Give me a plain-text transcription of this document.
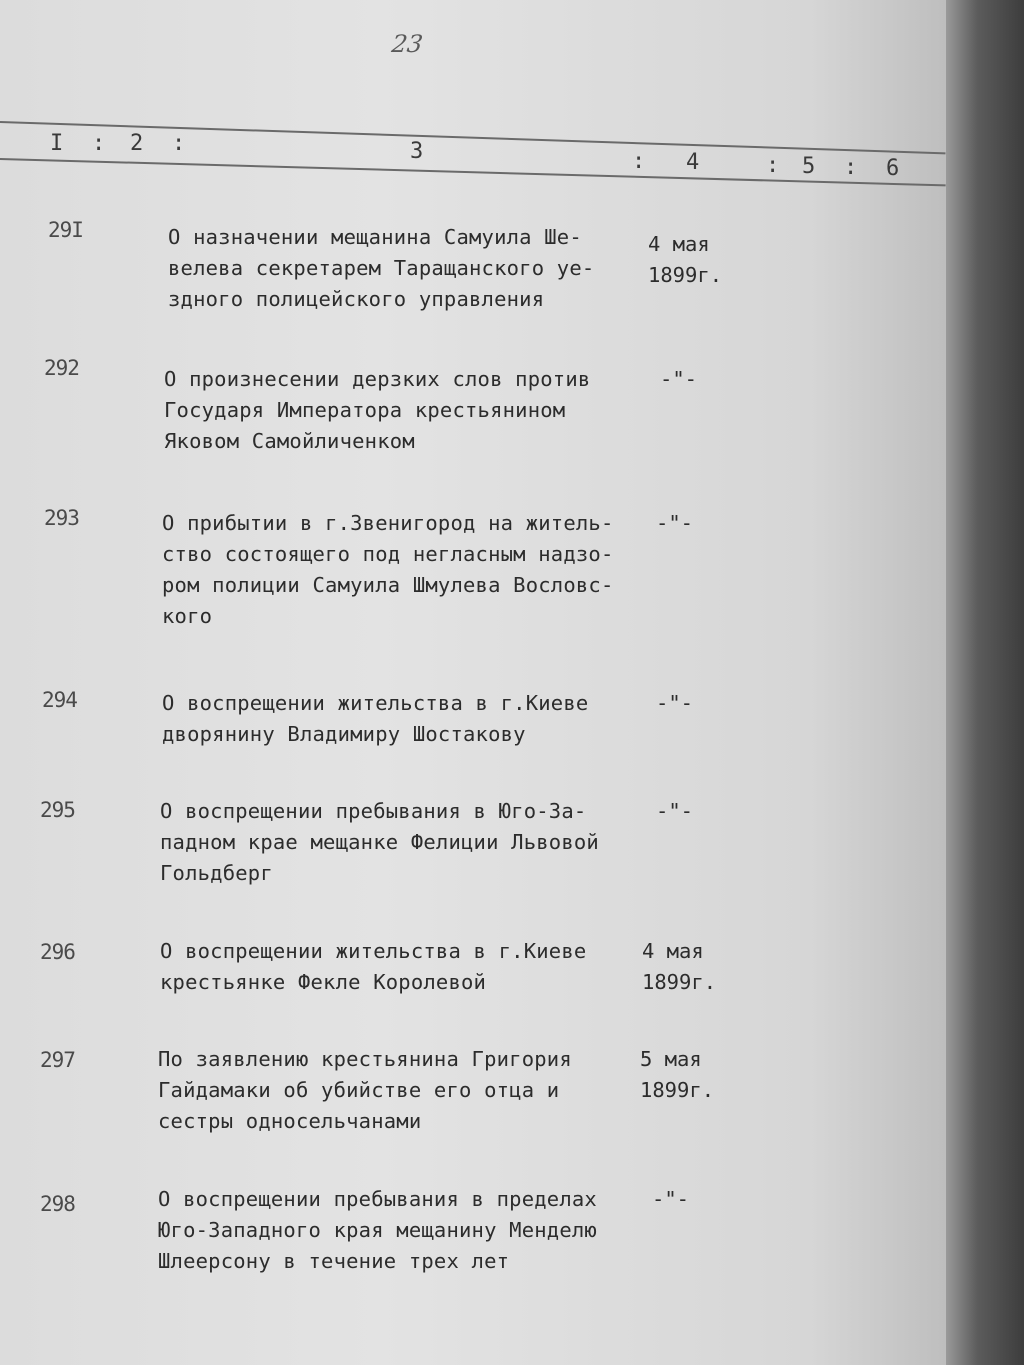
23
I : 2 :	3	: 4	: 5 : 6
29I	О назначении мещанина Самуила Ше-
велева секретарем Таращанского уе-
здного полицейского управления
4 мая
1899г.
292	О произнесении дерзких слов против
Государя Императора крестьянином
Яковом Самойличенком
-"-
293	О прибытии в г.Звенигород на житель-
ство состоящего под негласным надзо-
ром полиции Самуила Шмулева Вословс-
кого
-"-
294	О воспрещении жительства в г.Киеве
дворянину Владимиру Шостакову
-"-
295	О воспрещении пребывания в Юго-За-
падном крае мещанке Фелиции Львовой
Гольдберг
-"-
296	О воспрещении жительства в г.Киеве
крестьянке Фекле Королевой
4 мая
1899г.
297	По заявлению крестьянина Григория
Гайдамаки об убийстве его отца и
сестры односельчанами
5 мая
1899г.
298	О воспрещении пребывания в пределах
Юго-Западного края мещанину Менделю
Шлеерсону в течение трех лет
-"-
